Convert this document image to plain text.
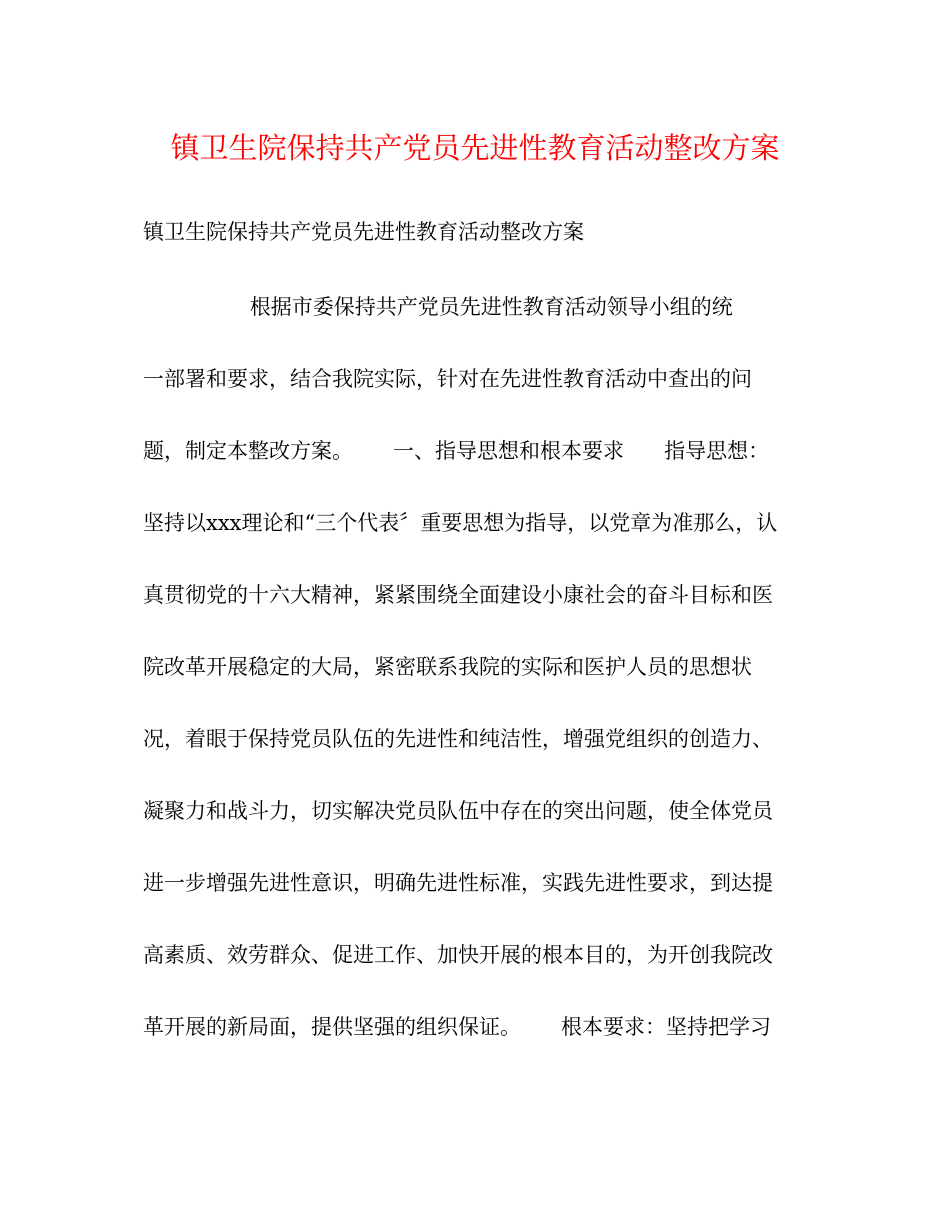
镇卫生院保持共产党员先进性教育活动整改方案
镇卫生院保持共产党员先进性教育活动整改方案
根据市委保持共产党员先进性教育活动领导小组的统
一部署和要求，结合我院实际，针对在先进性教育活动中查出的问
题，制定本整改方案。      一、指导思想和根本要求      指导思想：
坚持以xxx理论和“三个代表〞重要思想为指导，以党章为准那么，认
真贯彻党的十六大精神，紧紧围绕全面建设小康社会的奋斗目标和医
院改革开展稳定的大局，紧密联系我院的实际和医护人员的思想状
况，着眼于保持党员队伍的先进性和纯洁性，增强党组织的创造力、
凝聚力和战斗力，切实解决党员队伍中存在的突出问题，使全体党员
进一步增强先进性意识，明确先进性标准，实践先进性要求，到达提
高素质、效劳群众、促进工作、加快开展的根本目的，为开创我院改
革开展的新局面，提供坚强的组织保证。      根本要求：坚持把学习
